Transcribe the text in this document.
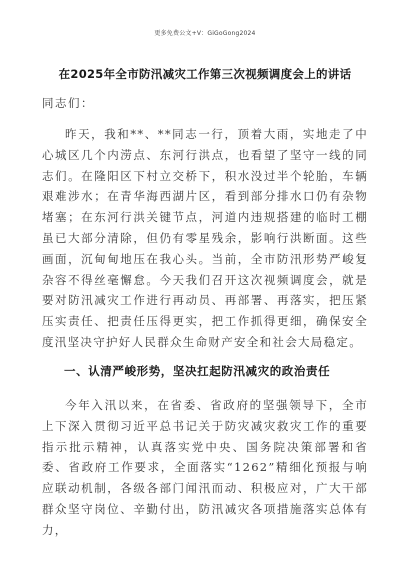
更多免费公文+V：GiGoGong2024
在2025年全市防汛减灾工作第三次视频调度会上的讲话
同志们：

昨天，我和**、**同志一行，顶着大雨，实地走了中心城区几个内涝点、东河行洪点，也看望了坚守一线的同志们。在隆阳区下村立交桥下，积水没过半个轮胎，车辆艰难涉水；在青华海西湖片区，看到部分排水口仍有杂物堵塞；在东河行洪关键节点，河道内违规搭建的临时工棚虽已大部分清除，但仍有零星残余，影响行洪断面。这些画面，沉甸甸地压在我心头。当前，全市防汛形势严峻复杂容不得丝毫懈怠。今天我们召开这次视频调度会，就是要对防汛减灾工作进行再动员、再部署、再落实，把压紧压实责任、把责任压得更实，把工作抓得更细，确保安全度汛坚决守护好人民群众生命财产安全和社会大局稳定。

一、认清严峻形势，坚决扛起防汛减灾的政治责任

今年入汛以来，在省委、省政府的坚强领导下，全市上下深入贯彻习近平总书记关于防灾减灾救灾工作的重要指示批示精神，认真落实党中央、国务院决策部署和省委、省政府工作要求，全面落实“1262”精细化预报与响应联动机制，各级各部门闻汛而动、积极应对，广大干部群众坚守岗位、辛勤付出，防汛减灾各项措施落实总体有力，
